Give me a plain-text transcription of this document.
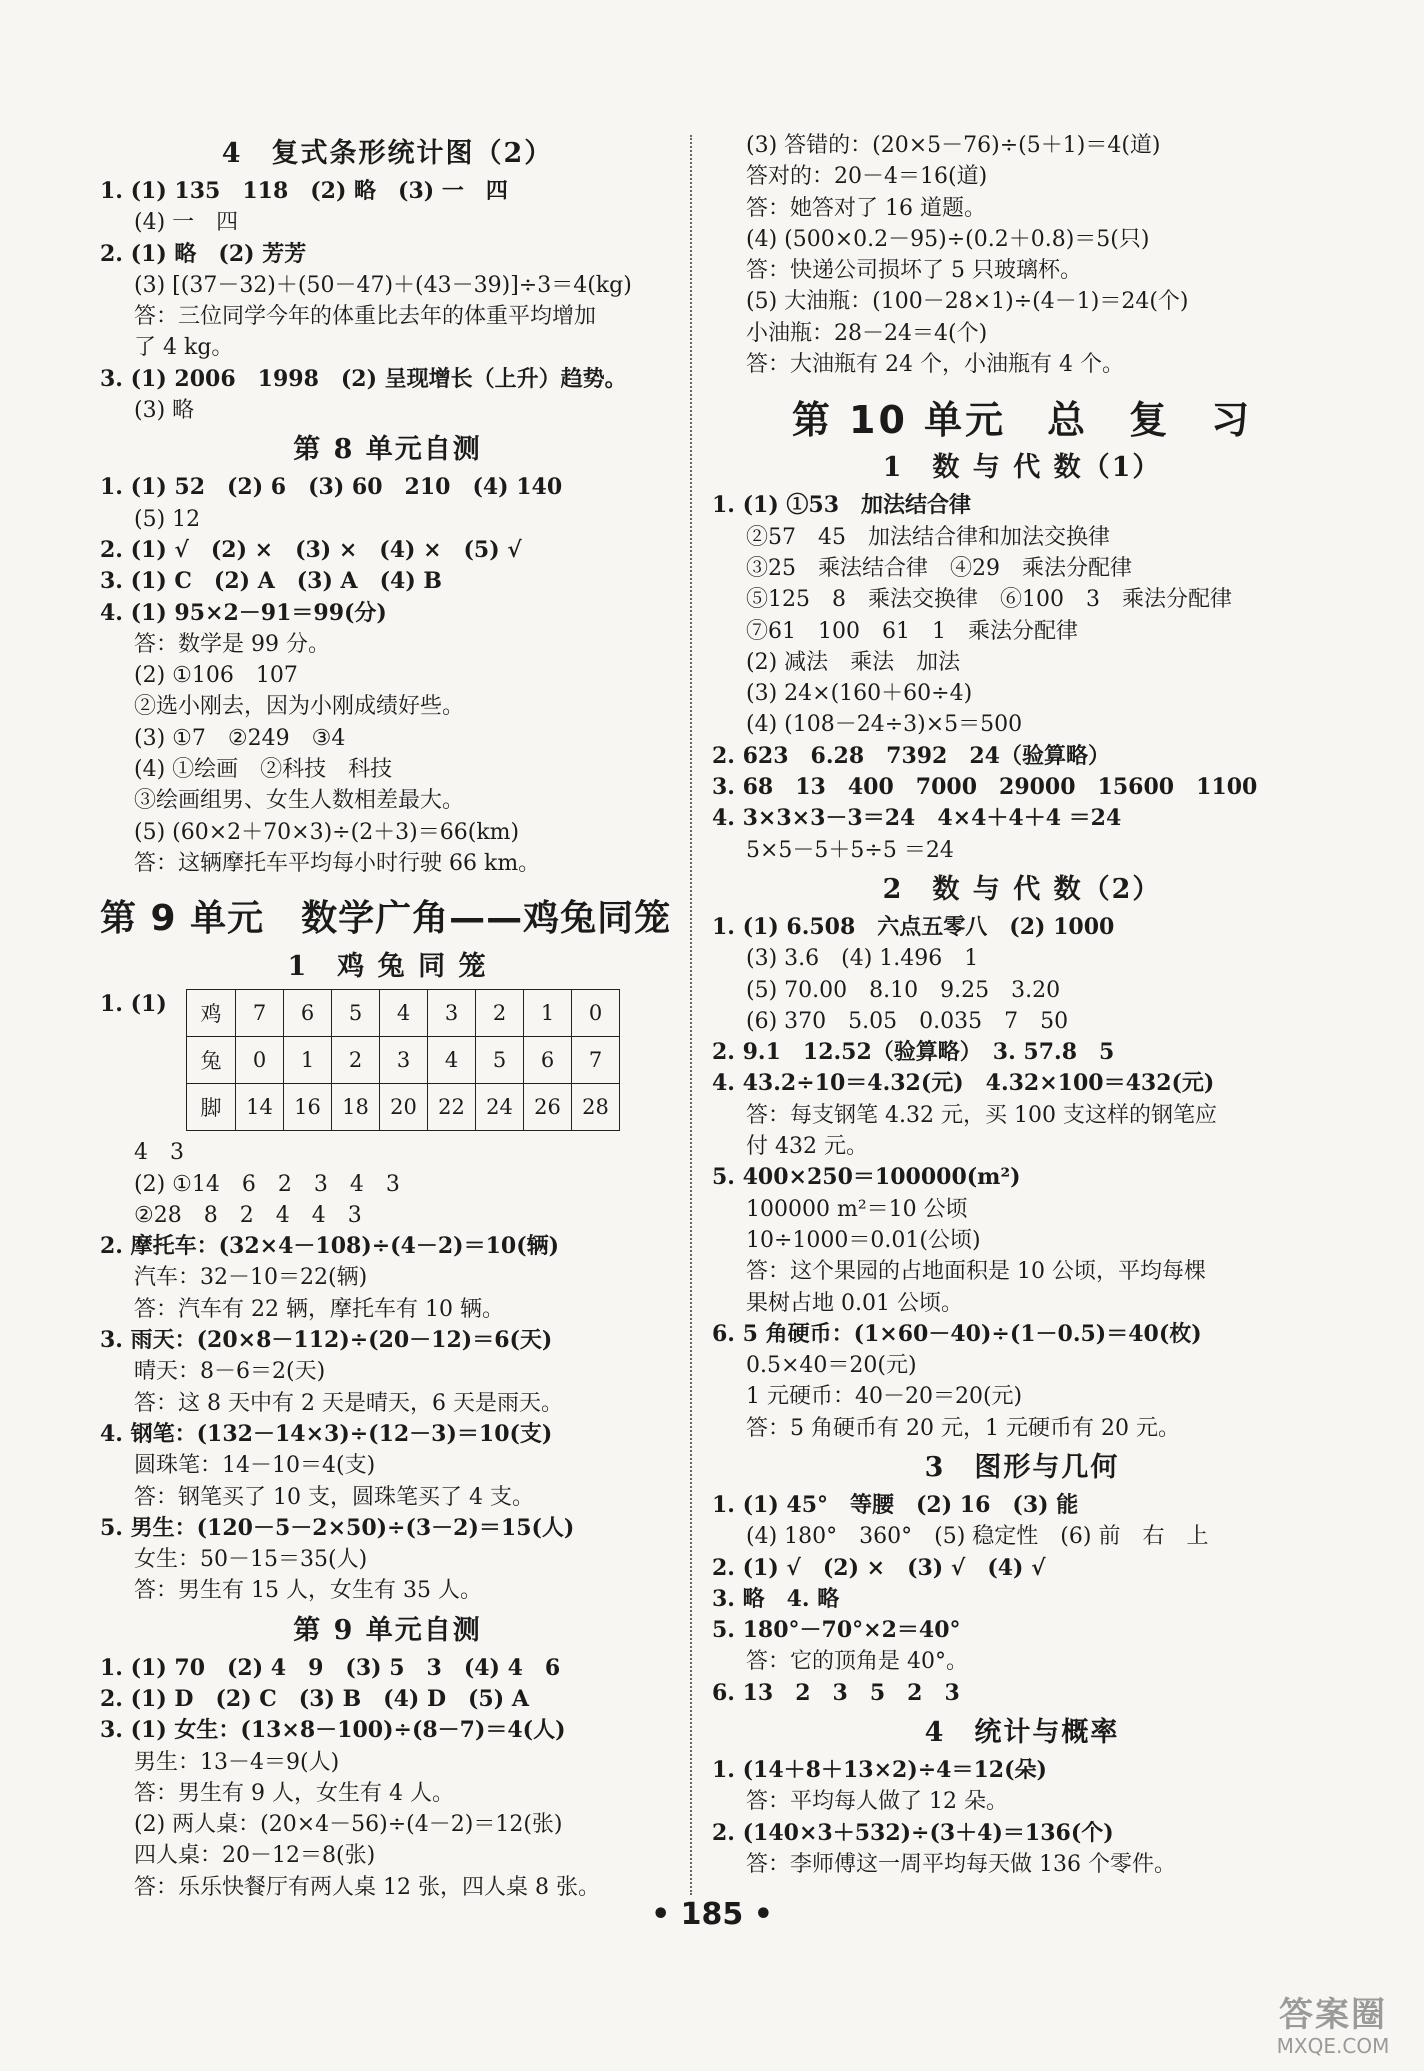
4　复式条形统计图（2）
1. (1) 135　118　(2) 略　(3) 一　四
(4) 一　四
2. (1) 略　(2) 芳芳
(3) [(37－32)＋(50－47)＋(43－39)]÷3＝4(kg)
答：三位同学今年的体重比去年的体重平均增加
了 4 kg。
3. (1) 2006　1998　(2) 呈现增长（上升）趋势。
(3) 略
第 8 单元自测
1. (1) 52　(2) 6　(3) 60　210　(4) 140
(5) 12
2. (1) √　(2) ×　(3) ×　(4) ×　(5) √
3. (1) C　(2) A　(3) A　(4) B
4. (1) 95×2－91＝99(分)
答：数学是 99 分。
(2) ①106　107
②选小刚去，因为小刚成绩好些。
(3) ①7　②249　③4
(4) ①绘画　②科技　科技
③绘画组男、女生人数相差最大。
(5) (60×2＋70×3)÷(2＋3)＝66(km)
答：这辆摩托车平均每小时行驶 66 km。
第 9 单元　数学广角——鸡兔同笼
1　鸡 兔 同 笼
1. (1) 鸡	7	6	5	4	3	2	1	0
兔	0	1	2	3	4	5	6	7
脚	14	16	18	20	22	24	26	28
4　3
(2) ①14　6　2　3　4　3
②28　8　2　4　4　3
2. 摩托车：(32×4－108)÷(4－2)＝10(辆)
汽车：32－10＝22(辆)
答：汽车有 22 辆，摩托车有 10 辆。
3. 雨天：(20×8－112)÷(20－12)＝6(天)
晴天：8－6＝2(天)
答：这 8 天中有 2 天是晴天，6 天是雨天。
4. 钢笔：(132－14×3)÷(12－3)＝10(支)
圆珠笔：14－10＝4(支)
答：钢笔买了 10 支，圆珠笔买了 4 支。
5. 男生：(120－5－2×50)÷(3－2)＝15(人)
女生：50－15＝35(人)
答：男生有 15 人，女生有 35 人。
第 9 单元自测
1. (1) 70　(2) 4　9　(3) 5　3　(4) 4　6
2. (1) D　(2) C　(3) B　(4) D　(5) A
3. (1) 女生：(13×8－100)÷(8－7)＝4(人)
男生：13－4＝9(人)
答：男生有 9 人，女生有 4 人。
(2) 两人桌：(20×4－56)÷(4－2)＝12(张)
四人桌：20－12＝8(张)
答：乐乐快餐厅有两人桌 12 张，四人桌 8 张。
(3) 答错的：(20×5－76)÷(5＋1)＝4(道)
答对的：20－4＝16(道)
答：她答对了 16 道题。
(4) (500×0.2－95)÷(0.2＋0.8)＝5(只)
答：快递公司损坏了 5 只玻璃杯。
(5) 大油瓶：(100－28×1)÷(4－1)＝24(个)
小油瓶：28－24＝4(个)
答：大油瓶有 24 个，小油瓶有 4 个。
第 10 单元　总　复　习
1　数 与 代 数（1）
1. (1) ①53　加法结合律
②57　45　加法结合律和加法交换律
③25　乘法结合律　④29　乘法分配律
⑤125　8　乘法交换律　⑥100　3　乘法分配律
⑦61　100　61　1　乘法分配律
(2) 减法　乘法　加法
(3) 24×(160＋60÷4)
(4) (108－24÷3)×5＝500
2. 623　6.28　7392　24（验算略）
3. 68　13　400　7000　29000　15600　1100
4. 3×3×3－3＝24　4×4＋4＋4 ＝24
5×5－5＋5÷5 ＝24
2　数 与 代 数（2）
1. (1) 6.508　六点五零八　(2) 1000
(3) 3.6　(4) 1.496　1
(5) 70.00　8.10　9.25　3.20
(6) 370　5.05　0.035　7　50
2. 9.1　12.52（验算略）　3. 57.8　5
4. 43.2÷10＝4.32(元)　4.32×100＝432(元)
答：每支钢笔 4.32 元，买 100 支这样的钢笔应
付 432 元。
5. 400×250＝100000(m²)
100000 m²＝10 公顷
10÷1000＝0.01(公顷)
答：这个果园的占地面积是 10 公顷，平均每棵
果树占地 0.01 公顷。
6. 5 角硬币：(1×60－40)÷(1－0.5)＝40(枚)
0.5×40＝20(元)
1 元硬币：40－20＝20(元)
答：5 角硬币有 20 元，1 元硬币有 20 元。
3　图形与几何
1. (1) 45°　等腰　(2) 16　(3) 能
(4) 180°　360°　(5) 稳定性　(6) 前　右　上
2. (1) √　(2) ×　(3) √　(4) √
3. 略　4. 略
5. 180°－70°×2＝40°
答：它的顶角是 40°。
6. 13　2　3　5　2　3
4　统计与概率
1. (14＋8＋13×2)÷4＝12(朵)
答：平均每人做了 12 朵。
2. (140×3＋532)÷(3＋4)＝136(个)
答：李师傅这一周平均每天做 136 个零件。
• 185 •
答案圈
MXQE.COM
